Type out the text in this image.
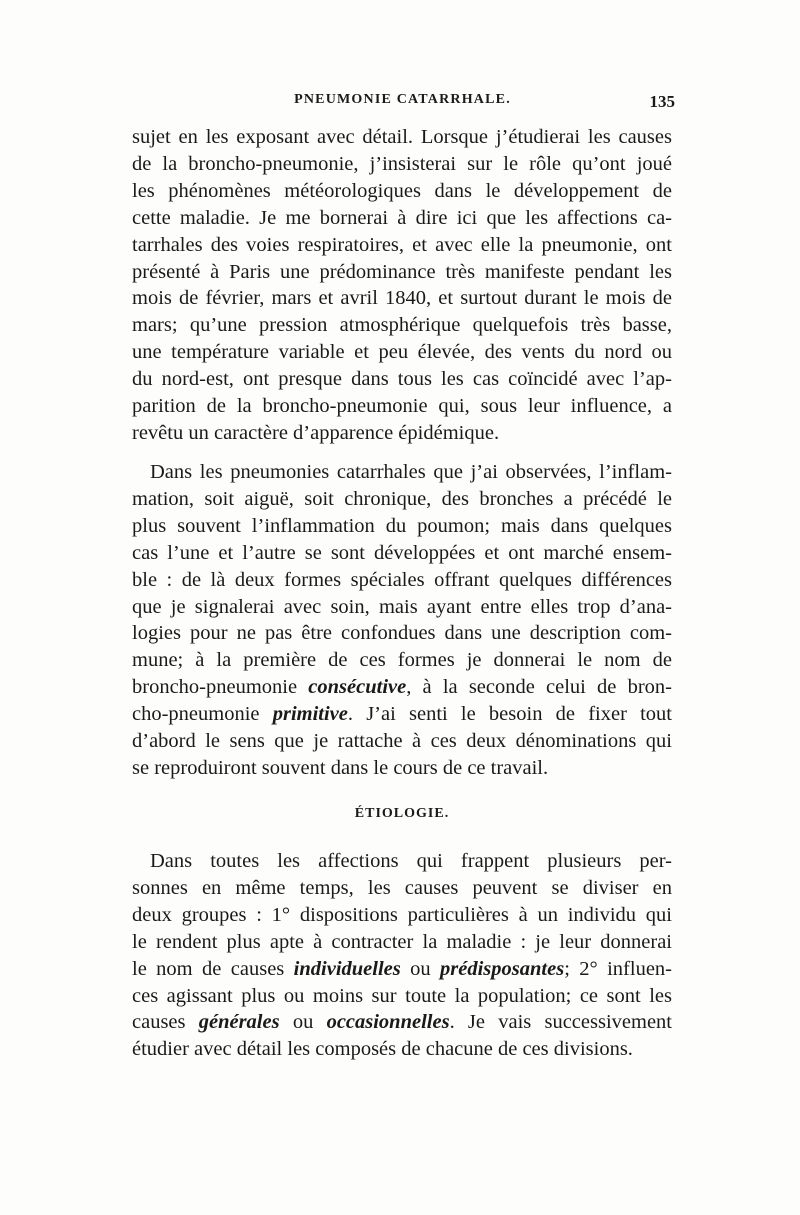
PNEUMONIE CATARRHALE.	135
sujet en les exposant avec détail. Lorsque j’étudierai les causes
de la broncho-pneumonie, j’insisterai sur le rôle qu’ont joué
les phénomènes météorologiques dans le développement de
cette maladie. Je me bornerai à dire ici que les affections ca-
tarrhales des voies respiratoires, et avec elle la pneumonie, ont
présenté à Paris une prédominance très manifeste pendant les
mois de février, mars et avril 1840, et surtout durant le mois de
mars; qu’une pression atmosphérique quelquefois très basse,
une température variable et peu élevée, des vents du nord ou
du nord-est, ont presque dans tous les cas coïncidé avec l’ap-
parition de la broncho-pneumonie qui, sous leur influence, a
revêtu un caractère d’apparence épidémique.
Dans les pneumonies catarrhales que j’ai observées, l’inflam-
mation, soit aiguë, soit chronique, des bronches a précédé le
plus souvent l’inflammation du poumon; mais dans quelques
cas l’une et l’autre se sont développées et ont marché ensem-
ble : de là deux formes spéciales offrant quelques différences
que je signalerai avec soin, mais ayant entre elles trop d’ana-
logies pour ne pas être confondues dans une description com-
mune; à la première de ces formes je donnerai le nom de
broncho-pneumonie consécutive, à la seconde celui de bron-
cho-pneumonie primitive. J’ai senti le besoin de fixer tout
d’abord le sens que je rattache à ces deux dénominations qui
se reproduiront souvent dans le cours de ce travail.
ÉTIOLOGIE.
Dans toutes les affections qui frappent plusieurs per-
sonnes en même temps, les causes peuvent se diviser en
deux groupes : 1° dispositions particulières à un individu qui
le rendent plus apte à contracter la maladie : je leur donnerai
le nom de causes individuelles ou prédisposantes; 2° influen-
ces agissant plus ou moins sur toute la population; ce sont les
causes générales ou occasionnelles. Je vais successivement
étudier avec détail les composés de chacune de ces divisions.
